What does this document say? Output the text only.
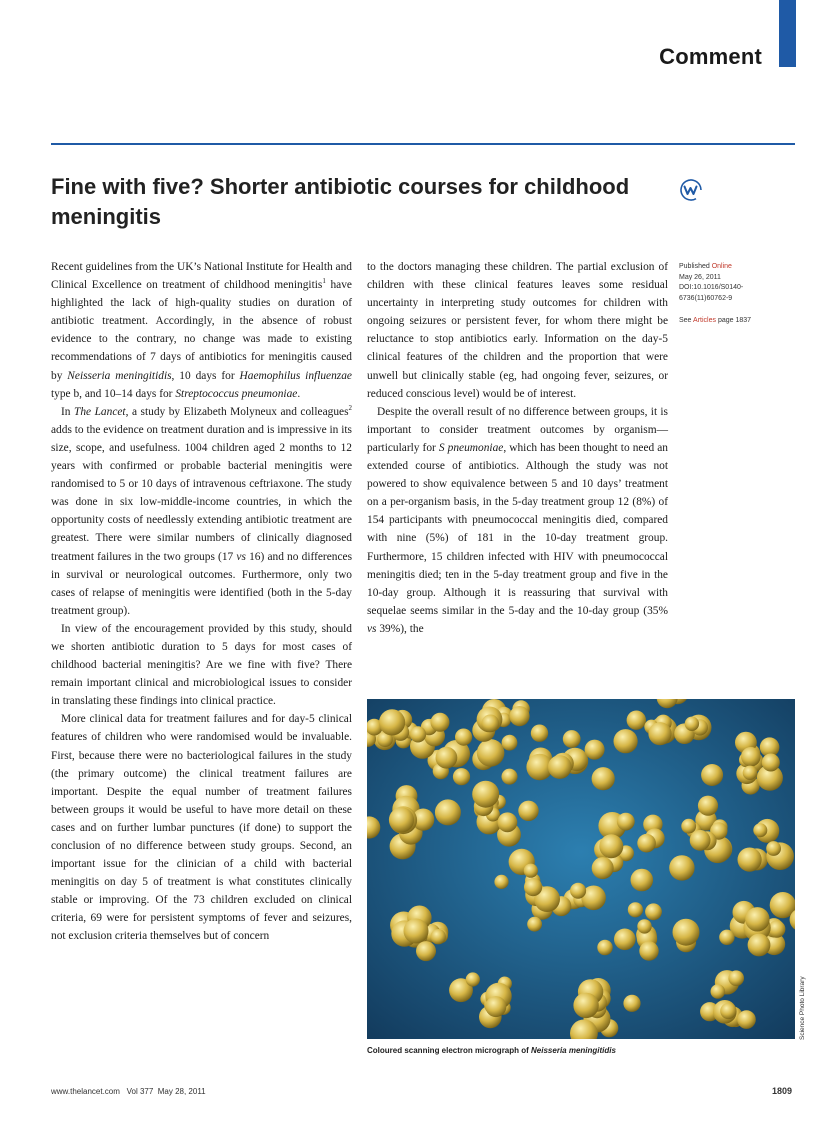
Comment
Fine with five? Shorter antibiotic courses for childhood meningitis
Published Online
May 26, 2011
DOI:10.1016/S0140-6736(11)60762-9
See Articles page 1837

Recent guidelines from the UK’s National Institute for Health and Clinical Excellence on treatment of childhood meningitis$^1$ have highlighted the lack of high-quality studies on duration of antibiotic treatment. Accordingly, in the absence of robust evidence to the contrary, no change was made to existing recommendations of 7 days of antibiotics for meningitis caused by Neisseria meningitidis, 10 days for Haemophilus influenzae type b, and 10–14 days for Streptococcus pneumoniae.

In The Lancet, a study by Elizabeth Molyneux and colleagues$^2$ adds to the evidence on treatment duration and is impressive in its size, scope, and usefulness. 1004 children aged 2 months to 12 years with confirmed or probable bacterial meningitis were randomised to 5 or 10 days of intravenous ceftriaxone. The study was done in six low-middle-income countries, in which the opportunity costs of needlessly extending antibiotic treatment are greatest. There were similar numbers of clinically diagnosed treatment failures in the two groups (17 vs 16) and no differences in survival or neurological outcomes. Furthermore, only two cases of relapse of meningitis were identified (both in the 5-day treatment group).

In view of the encouragement provided by this study, should we shorten antibiotic duration to 5 days for most cases of childhood bacterial meningitis? Are we fine with five? There remain important clinical and microbiological issues to consider in translating these findings into clinical practice.

More clinical data for treatment failures and for day-5 clinical features of children who were randomised would be invaluable. First, because there were no bacteriological failures in the study (the primary outcome) the clinical treatment failures are important. Despite the equal number of treatment failures between groups it would be useful to have more detail on these cases and on further lumbar punctures (if done) to support the conclusion of no difference between study groups. Second, an important issue for the clinician of a child with bacterial meningitis on day 5 of treatment is what constitutes clinically stable or improving. Of the 73 children excluded on clinical criteria, 69 were for persistent symptoms of fever and seizures, not exclusion criteria themselves but of concern

to the doctors managing these children. The partial exclusion of children with these clinical features leaves some residual uncertainty in interpreting study outcomes for children with ongoing seizures or persistent fever, for whom there might be reluctance to stop antibiotics early. Information on the day-5 clinical features of the children and the proportion that were unwell but clinically stable (eg, had ongoing fever, seizures, or reduced conscious level) would be of interest.

Despite the overall result of no difference between groups, it is important to consider treatment outcomes by organism—particularly for S pneumoniae, which has been thought to need an extended course of antibiotics. Although the study was not powered to show equivalence between 5 and 10 days’ treatment on a per-organism basis, in the 5-day treatment group 12 (8%) of 154 participants with pneumococcal meningitis died, compared with nine (5%) of 181 in the 10-day treatment group. Furthermore, 15 children infected with HIV with pneumococcal meningitis died; ten in the 5-day treatment group and five in the 10-day group. Although it is reassuring that survival with sequelae seems similar in the 5-day and the 10-day group (35% vs 39%), the

Science Photo Library
Coloured scanning electron micrograph of Neisseria meningitidis
www.thelancet.com Vol 377 May 28, 2011	1809
